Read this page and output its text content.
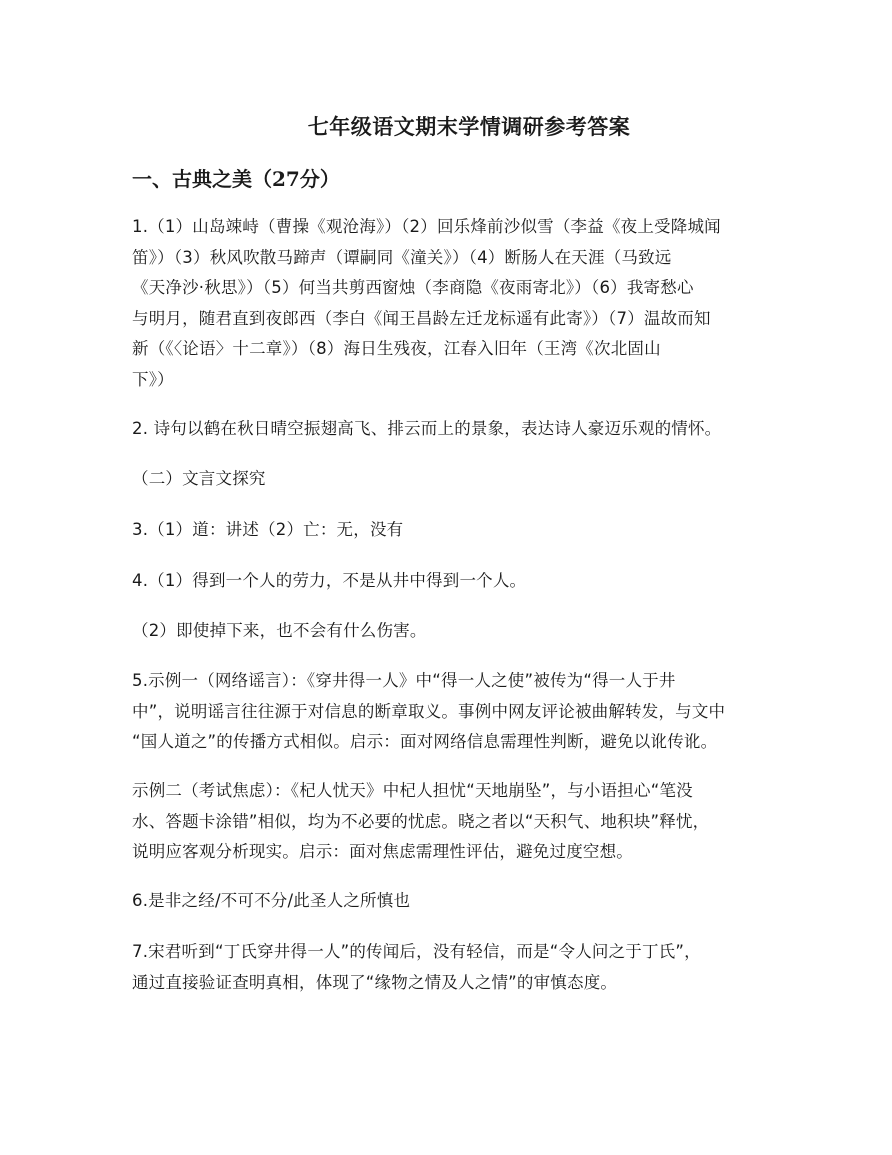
七年级语文期末学情调研参考答案
一、古典之美（27分）
1.（1）山岛竦峙（曹操《观沧海》）（2）回乐烽前沙似雪（李益《夜上受降城闻
笛》）（3）秋风吹散马蹄声（谭嗣同《潼关》）（4）断肠人在天涯（马致远
《天净沙·秋思》）（5）何当共剪西窗烛（李商隐《夜雨寄北》）（6）我寄愁心
与明月，随君直到夜郎西（李白《闻王昌龄左迁龙标遥有此寄》）（7）温故而知
新（《〈论语〉十二章》）（8）海日生残夜，江春入旧年（王湾《次北固山
下》）
2. 诗句以鹤在秋日晴空振翅高飞、排云而上的景象，表达诗人豪迈乐观的情怀。
（二）文言文探究
3.（1）道：讲述（2）亡：无，没有
4.（1）得到一个人的劳力，不是从井中得到一个人。
（2）即使掉下来，也不会有什么伤害。
5.示例一（网络谣言）：《穿井得一人》中“得一人之使”被传为“得一人于井
中”，说明谣言往往源于对信息的断章取义。事例中网友评论被曲解转发，与文中
“国人道之”的传播方式相似。启示：面对网络信息需理性判断，避免以讹传讹。
示例二（考试焦虑）：《杞人忧天》中杞人担忧“天地崩坠”，与小语担心“笔没
水、答题卡涂错”相似，均为不必要的忧虑。晓之者以“天积气、地积块”释忧，
说明应客观分析现实。启示：面对焦虑需理性评估，避免过度空想。
6.是非之经/不可不分/此圣人之所慎也
7.宋君听到“丁氏穿井得一人”的传闻后，没有轻信，而是“令人问之于丁氏”，
通过直接验证查明真相，体现了“缘物之情及人之情”的审慎态度。
